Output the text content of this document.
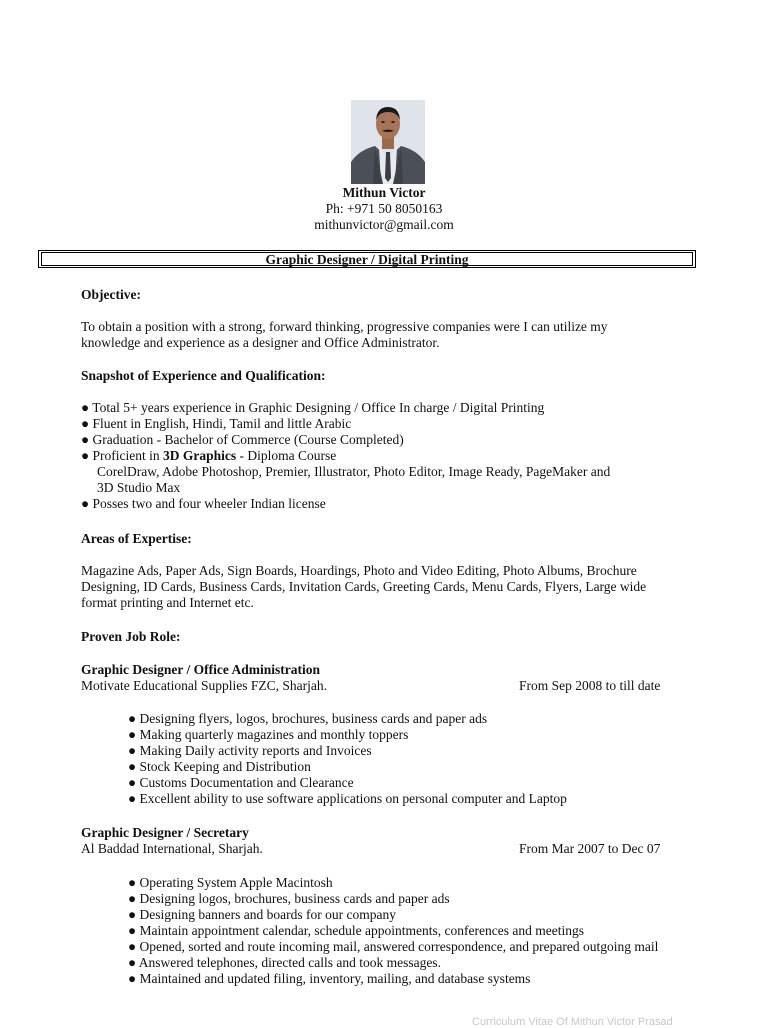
Mithun Victor
Ph: +971 50 8050163
mithunvictor@gmail.com
Graphic Designer / Digital Printing
Objective:
To obtain a position with a strong, forward thinking, progressive companies were I can utilize my
knowledge and experience as a designer and Office Administrator.
Snapshot of Experience and Qualification:
● Total 5+ years experience in Graphic Designing / Office In charge / Digital Printing
● Fluent in English, Hindi, Tamil and little Arabic
● Graduation - Bachelor of Commerce (Course Completed)
● Proficient in 3D Graphics - Diploma Course
CorelDraw, Adobe Photoshop, Premier, Illustrator, Photo Editor, Image Ready, PageMaker and
3D Studio Max
● Posses two and four wheeler Indian license
Areas of Expertise:
Magazine Ads, Paper Ads, Sign Boards, Hoardings, Photo and Video Editing, Photo Albums, Brochure
Designing, ID Cards, Business Cards, Invitation Cards, Greeting Cards, Menu Cards, Flyers, Large wide
format printing and Internet etc.
Proven Job Role:
Graphic Designer / Office Administration
Motivate Educational Supplies FZC, Sharjah.	From Sep 2008 to till date
● Designing flyers, logos, brochures, business cards and paper ads
● Making quarterly magazines and monthly toppers
● Making Daily activity reports and Invoices
● Stock Keeping and Distribution
● Customs Documentation and Clearance
● Excellent ability to use software applications on personal computer and Laptop
Graphic Designer / Secretary
Al Baddad International, Sharjah.	From Mar 2007 to Dec 07
● Operating System Apple Macintosh
● Designing logos, brochures, business cards and paper ads
● Designing banners and boards for our company
● Maintain appointment calendar, schedule appointments, conferences and meetings
● Opened, sorted and route incoming mail, answered correspondence, and prepared outgoing mail
● Answered telephones, directed calls and took messages.
● Maintained and updated filing, inventory, mailing, and database systems
Curriculum Vitae Of Mithun Victor Prasad
